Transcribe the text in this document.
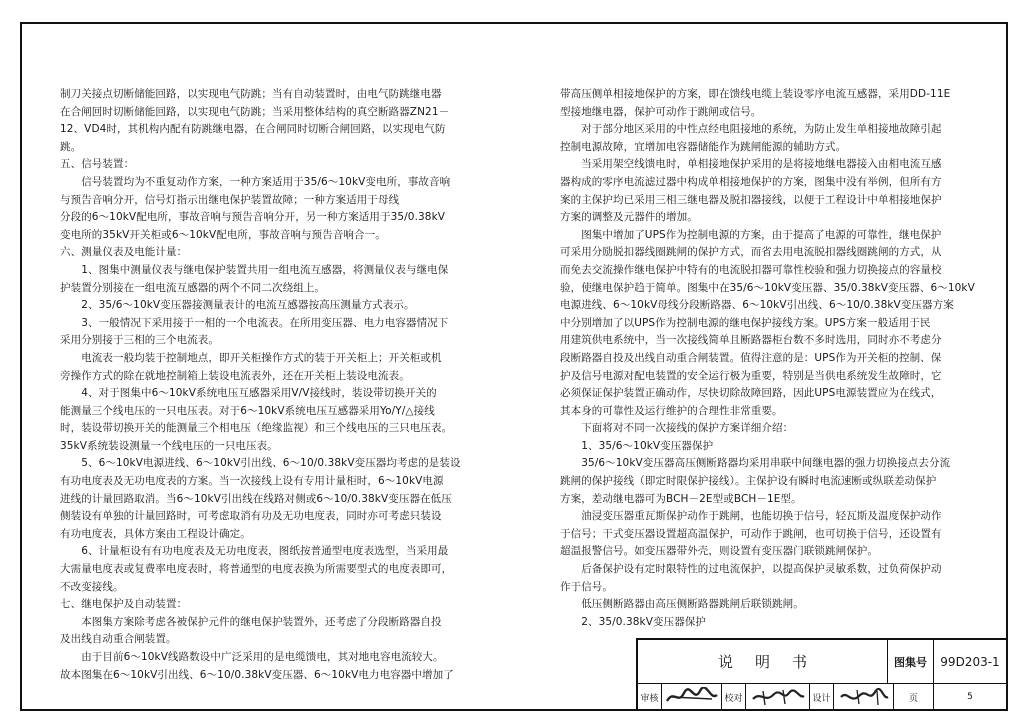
制刀关接点切断储能回路，以实现电气防跳；当有自动装置时，由电气防跳继电器

在合闸回时切断储能回路，以实现电气防跳；当采用整体结构的真空断路器ZN21－

12、VD4时，其机构内配有防跳继电器，在合闸同时切断合闸回路，以实现电气防

跳。

五、信号装置：

　　信号装置均为不重复动作方案，一种方案适用于35/6～10kV变电所，事故音响

与预告音响分开，信号灯指示出继电保护装置故障；一种方案适用于母线

分段的6～10kV配电所，事故音响与预告音响分开，另一种方案适用于35/0.38kV

变电所的35kV开关柜或6～10kV配电所，事故音响与预告音响合一。

六、测量仪表及电能计量：

　　1、图集中测量仪表与继电保护装置共用一组电流互感器，将测量仪表与继电保

护装置分别接在一组电流互感器的两个不同二次绕组上。

　　2、35/6～10kV变压器接测量表计的电流互感器按高压测量方式表示。

　　3、一般情况下采用接于一相的一个电流表。在所用变压器、电力电容器情况下

采用分别接于三相的三个电流表。

　　电流表一般均装于控制地点，即开关柜操作方式的装于开关柜上；开关柜或机

旁操作方式的除在就地控制箱上装设电流表外，还在开关柜上装设电流表。

　　4、对于图集中6～10kV系统电压互感器采用V/V接线时，装设带切换开关的

能测量三个线电压的一只电压表。对于6～10kV系统电压互感器采用Yo/Y/△接线

时，装设带切换开关的能测量三个相电压（绝缘监视）和三个线电压的三只电压表。

35kV系统装设测量一个线电压的一只电压表。

　　5、6～10kV电源进线、6～10kV引出线、6～10/0.38kV变压器均考虑的是装设

有功电度表及无功电度表的方案。当一次接线上设有专用计量柜时，6～10kV电源

进线的计量回路取消。当6～10kV引出线在线路对侧或6～10/0.38kV变压器在低压

侧装设有单独的计量回路时，可考虑取消有功及无功电度表，同时亦可考虑只装设

有功电度表，具体方案由工程设计确定。

　　6、计量柜设有有功电度表及无功电度表，图纸按普通型电度表选型，当采用最

大需量电度表或复费率电度表时，将普通型的电度表换为所需要型式的电度表即可，

不改变接线。

七、继电保护及自动装置：

　　本图集方案除考虑各被保护元件的继电保护装置外，还考虑了分段断路器自投

及出线自动重合闸装置。

　　由于目前6～10kV线路数设中广泛采用的是电缆馈电，其对地电容电流较大。

故本图集在6～10kV引出线、6～10/0.38kV变压器、6～10kV电力电容器中增加了

带高压侧单相接地保护的方案，即在馈线电缆上装设零序电流互感器，采用DD-11E

型接地继电器，保护可动作于跳闸或信号。

　　对于部分地区采用的中性点经电阻接地的系统，为防止发生单相接地故障引起

控制电源故障，宜增加电容器储能作为跳闸能源的辅助方式。

　　当采用架空线馈电时，单相接地保护采用的是将接地继电器接入由相电流互感

器构成的零序电流滤过器中构成单相接地保护的方案，图集中没有举例，但所有方

案的主保护均已采用三相三继电器及脱扣器接线，以便于工程设计中单相接地保护

方案的调整及元器件的增加。

　　图集中增加了UPS作为控制电源的方案，由于提高了电源的可靠性，继电保护

可采用分励脱扣器线圈跳闸的保护方式，而省去用电流脱扣器线圈跳闸的方式，从

而免去交流操作继电保护中特有的电流脱扣器可靠性校验和强力切换接点的容量校

验，使继电保护趋于简单。图集中在35/6～10kV变压器、35/0.38kV变压器、6～10kV

电源进线、6～10kV母线分段断路器、6～10kV引出线、6～10/0.38kV变压器方案

中分别增加了以UPS作为控制电源的继电保护接线方案。UPS方案一般适用于民

用建筑供电系统中，当一次接线简单且断路器柜台数不多时选用，同时亦不考虑分

段断路器自投及出线自动重合闸装置。值得注意的是：UPS作为开关柜的控制、保

护及信号电源对配电装置的安全运行极为重要，特别是当供电系统发生故障时，它

必须保证保护装置正确动作，尽快切除故障回路，因此UPS电源装置应为在线式，

其本身的可靠性及运行维护的合理性非常重要。

　　下面将对不同一次接线的保护方案详细介绍：

　　1、35/6～10kV变压器保护

　　35/6～10kV变压器高压侧断路器均采用串联中间继电器的强力切换接点去分流

跳闸的保护接线（即定时限保护接线）。主保护设有瞬时电流速断或纵联差动保护

方案，差动继电器可为BCH－2E型或BCH－1E型。

　　油浸变压器重瓦斯保护动作于跳闸，也能切换于信号，轻瓦斯及温度保护动作

于信号；干式变压器设置超高温保护，可动作于跳闸，也可切换于信号，还设置有

超温报警信号。如变压器带外壳，则设置有变压器门联锁跳闸保护。

　　后备保护设有定时限特性的过电流保护，以提高保护灵敏系数，过负荷保护动

作于信号。

　　低压侧断路器由高压侧断路器跳闸后联锁跳闸。

　　2、35/0.38kV变压器保护

说明书	图集号	99D203-1
审核	校对	设计	页	5
